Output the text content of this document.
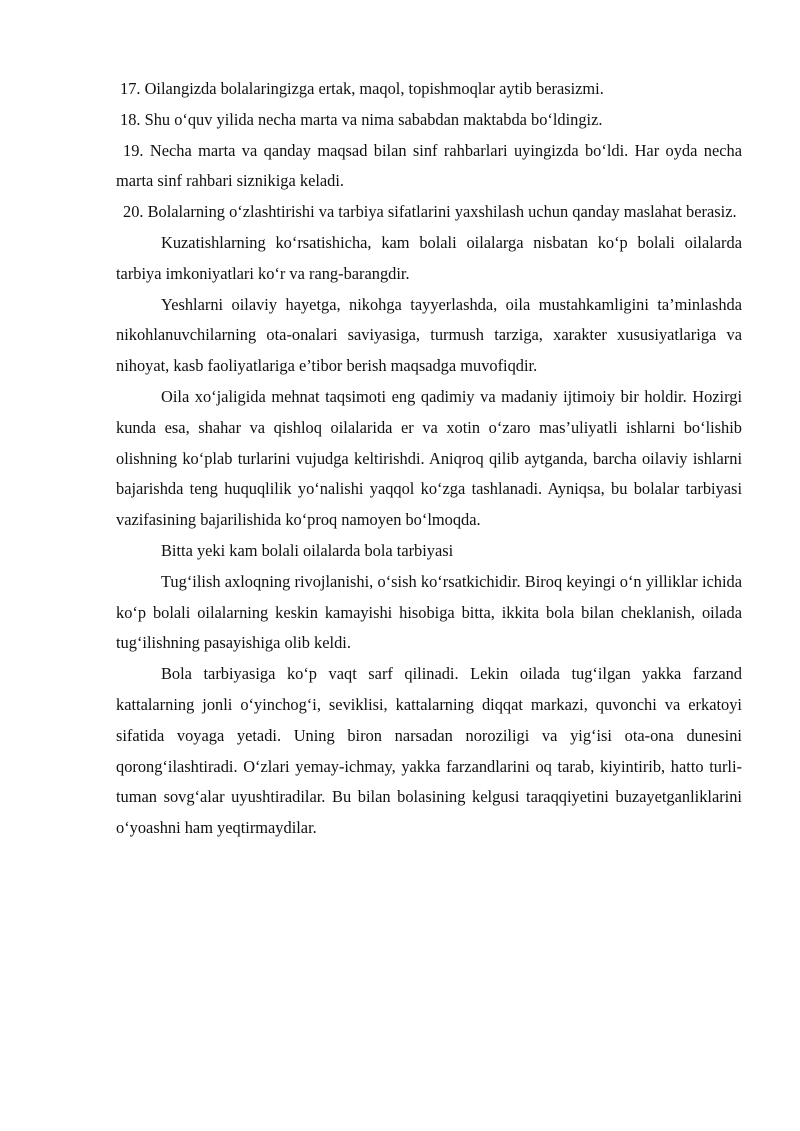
17. Oilangizda bolalaringizga ertak, maqol, topishmoqlar aytib berasizmi.

18. Shu o‘quv yilida necha marta va nima sababdan maktabda bo‘ldingiz.

19. Necha marta va qanday maqsad bilan sinf rahbarlari uyingizda bo‘ldi. Har oyda necha marta sinf rahbari siznikiga keladi.

20. Bolalarning o‘zlashtirishi va tarbiya sifatlarini yaxshilash uchun qanday maslahat berasiz.

Kuzatishlarning ko‘rsatishicha, kam bolali oilalarga nisbatan ko‘p bolali oilalarda tarbiya imkoniyatlari ko‘r va rang-barangdir.

Yeshlarni oilaviy hayetga, nikohga tayyerlashda, oila mustahkamligini ta’minlashda nikohlanuvchilarning ota-onalari saviyasiga, turmush tarziga, xarakter xususiyatlariga va nihoyat, kasb faoliyatlariga e’tibor berish maqsadga muvofiqdir.

Oila xo‘jaligida mehnat taqsimoti eng qadimiy va madaniy ijtimoiy bir holdir. Hozirgi kunda esa, shahar va qishloq oilalarida er va xotin o‘zaro mas’uliyatli ishlarni bo‘lishib olishning ko‘plab turlarini vujudga keltirishdi. Aniqroq qilib aytganda, barcha oilaviy ishlarni bajarishda teng huquqlilik yo‘nalishi yaqqol ko‘zga tashlanadi. Ayniqsa, bu bolalar tarbiyasi vazifasining bajarilishida ko‘proq namoyen bo‘lmoqda.

Bitta yeki kam bolali oilalarda bola tarbiyasi

Tug‘ilish axloqning rivojlanishi, o‘sish ko‘rsatkichidir. Biroq keyingi o‘n yilliklar ichida ko‘p bolali oilalarning keskin kamayishi hisobiga bitta, ikkita bola bilan cheklanish, oilada tug‘ilishning pasayishiga olib keldi.

Bola tarbiyasiga ko‘p vaqt sarf qilinadi. Lekin oilada tug‘ilgan yakka farzand kattalarning jonli o‘yinchog‘i, seviklisi, kattalarning diqqat markazi, quvonchi va erkatoyi sifatida voyaga yetadi. Uning biron narsadan noroziligi va yig‘isi ota-ona dunesini qorong‘ilashtiradi. O‘zlari yemay-ichmay, yakka farzandlarini oq tarab, kiyintirib, hatto turli-tuman sovg‘alar uyushtiradilar. Bu bilan bolasining kelgusi taraqqiyetini buzayetganliklarini o‘yoashni ham yeqtirmaydilar.
